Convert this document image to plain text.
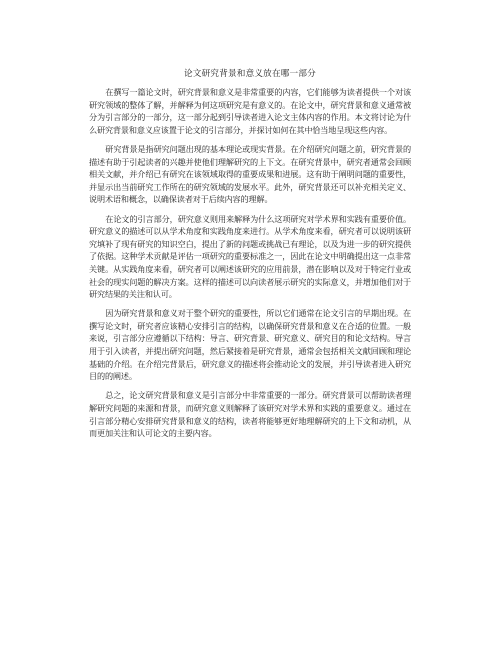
论文研究背景和意义放在哪一部分

在撰写一篇论文时，研究背景和意义是非常重要的内容，它们能够为读者提供一个对该研究领域的整体了解，并解释为何这项研究是有意义的。在论文中，研究背景和意义通常被分为引言部分的一部分，这一部分起到引导读者进入论文主体内容的作用。本文将讨论为什么研究背景和意义应该置于论文的引言部分，并探讨如何在其中恰当地呈现这些内容。

研究背景是指研究问题出现的基本理论或现实背景。在介绍研究问题之前，研究背景的描述有助于引起读者的兴趣并使他们理解研究的上下文。在研究背景中，研究者通常会回顾相关文献，并介绍已有研究在该领域取得的重要成果和进展。这有助于阐明问题的重要性，并显示出当前研究工作所在的研究领域的发展水平。此外，研究背景还可以补充相关定义、说明术语和概念，以确保读者对于后续内容的理解。

在论文的引言部分，研究意义则用来解释为什么这项研究对学术界和实践有重要价值。研究意义的描述可以从学术角度和实践角度来进行。从学术角度来看，研究者可以说明该研究填补了现有研究的知识空白，提出了新的问题或挑战已有理论，以及为进一步的研究提供了依据。这种学术贡献是评估一项研究的重要标准之一，因此在论文中明确提出这一点非常关键。从实践角度来看，研究者可以阐述该研究的应用前景，潜在影响以及对于特定行业或社会的现实问题的解决方案。这样的描述可以向读者展示研究的实际意义，并增加他们对于研究结果的关注和认可。

因为研究背景和意义对于整个研究的重要性，所以它们通常在论文引言的早期出现。在撰写论文时，研究者应该精心安排引言的结构，以确保研究背景和意义在合适的位置。一般来说，引言部分应遵循以下结构：导言、研究背景、研究意义、研究目的和论文结构。导言用于引入读者，并提出研究问题，然后紧接着是研究背景，通常会包括相关文献回顾和理论基础的介绍。在介绍完背景后，研究意义的描述将会推动论文的发展，并引导读者进入研究目的的阐述。

总之，论文研究背景和意义是引言部分中非常重要的一部分。研究背景可以帮助读者理解研究问题的来源和背景，而研究意义则解释了该研究对学术界和实践的重要意义。通过在引言部分精心安排研究背景和意义的结构，读者将能够更好地理解研究的上下文和动机，从而更加关注和认可论文的主要内容。
